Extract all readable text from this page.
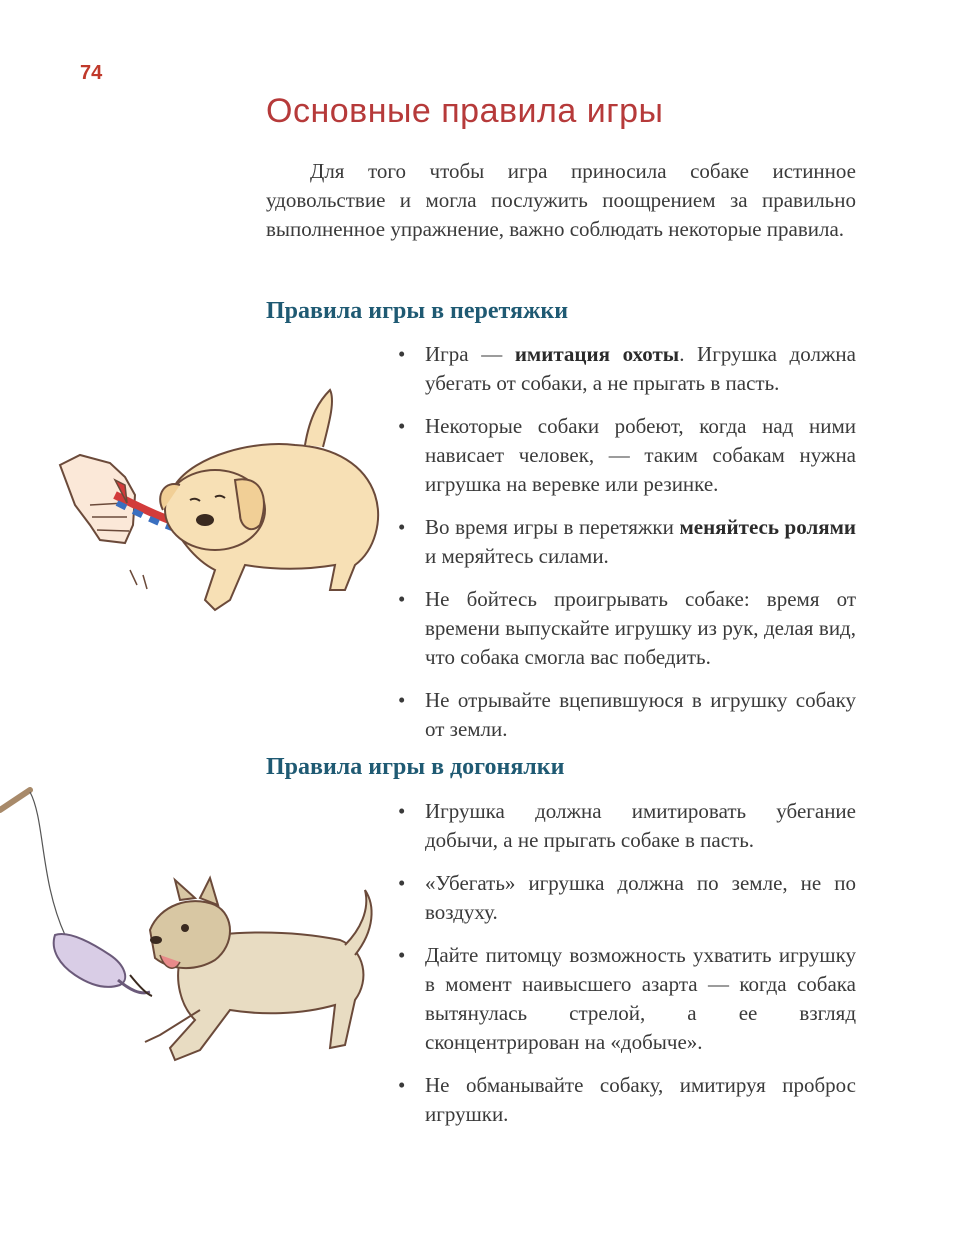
74
Основные правила игры

Для того чтобы игра приносила собаке истинное удовольствие и могла послужить поощрением за правильно выполненное упражнение, важно соблюдать некоторые правила.

Правила игры в перетяжки
• Игра — имитация охоты. Игрушка должна убегать от собаки, а не прыгать в пасть.
• Некоторые собаки робеют, когда над ними нависает человек, — таким собакам нужна игрушка на веревке или резинке.
• Во время игры в перетяжки меняйтесь ролями и меряйтесь силами.
• Не бойтесь проигрывать собаке: время от времени выпускайте игрушку из рук, делая вид, что собака смогла вас победить.
• Не отрывайте вцепившуюся в игрушку собаку от земли.
Правила игры в догонялки
• Игрушка должна имитировать убегание добычи, а не прыгать собаке в пасть.
• «Убегать» игрушка должна по земле, не по воздуху.
• Дайте питомцу возможность ухватить игрушку в момент наивысшего азарта — когда собака вытянулась стрелой, а ее взгляд сконцентрирован на «добыче».
• Не обманывайте собаку, имитируя проброс игрушки.
